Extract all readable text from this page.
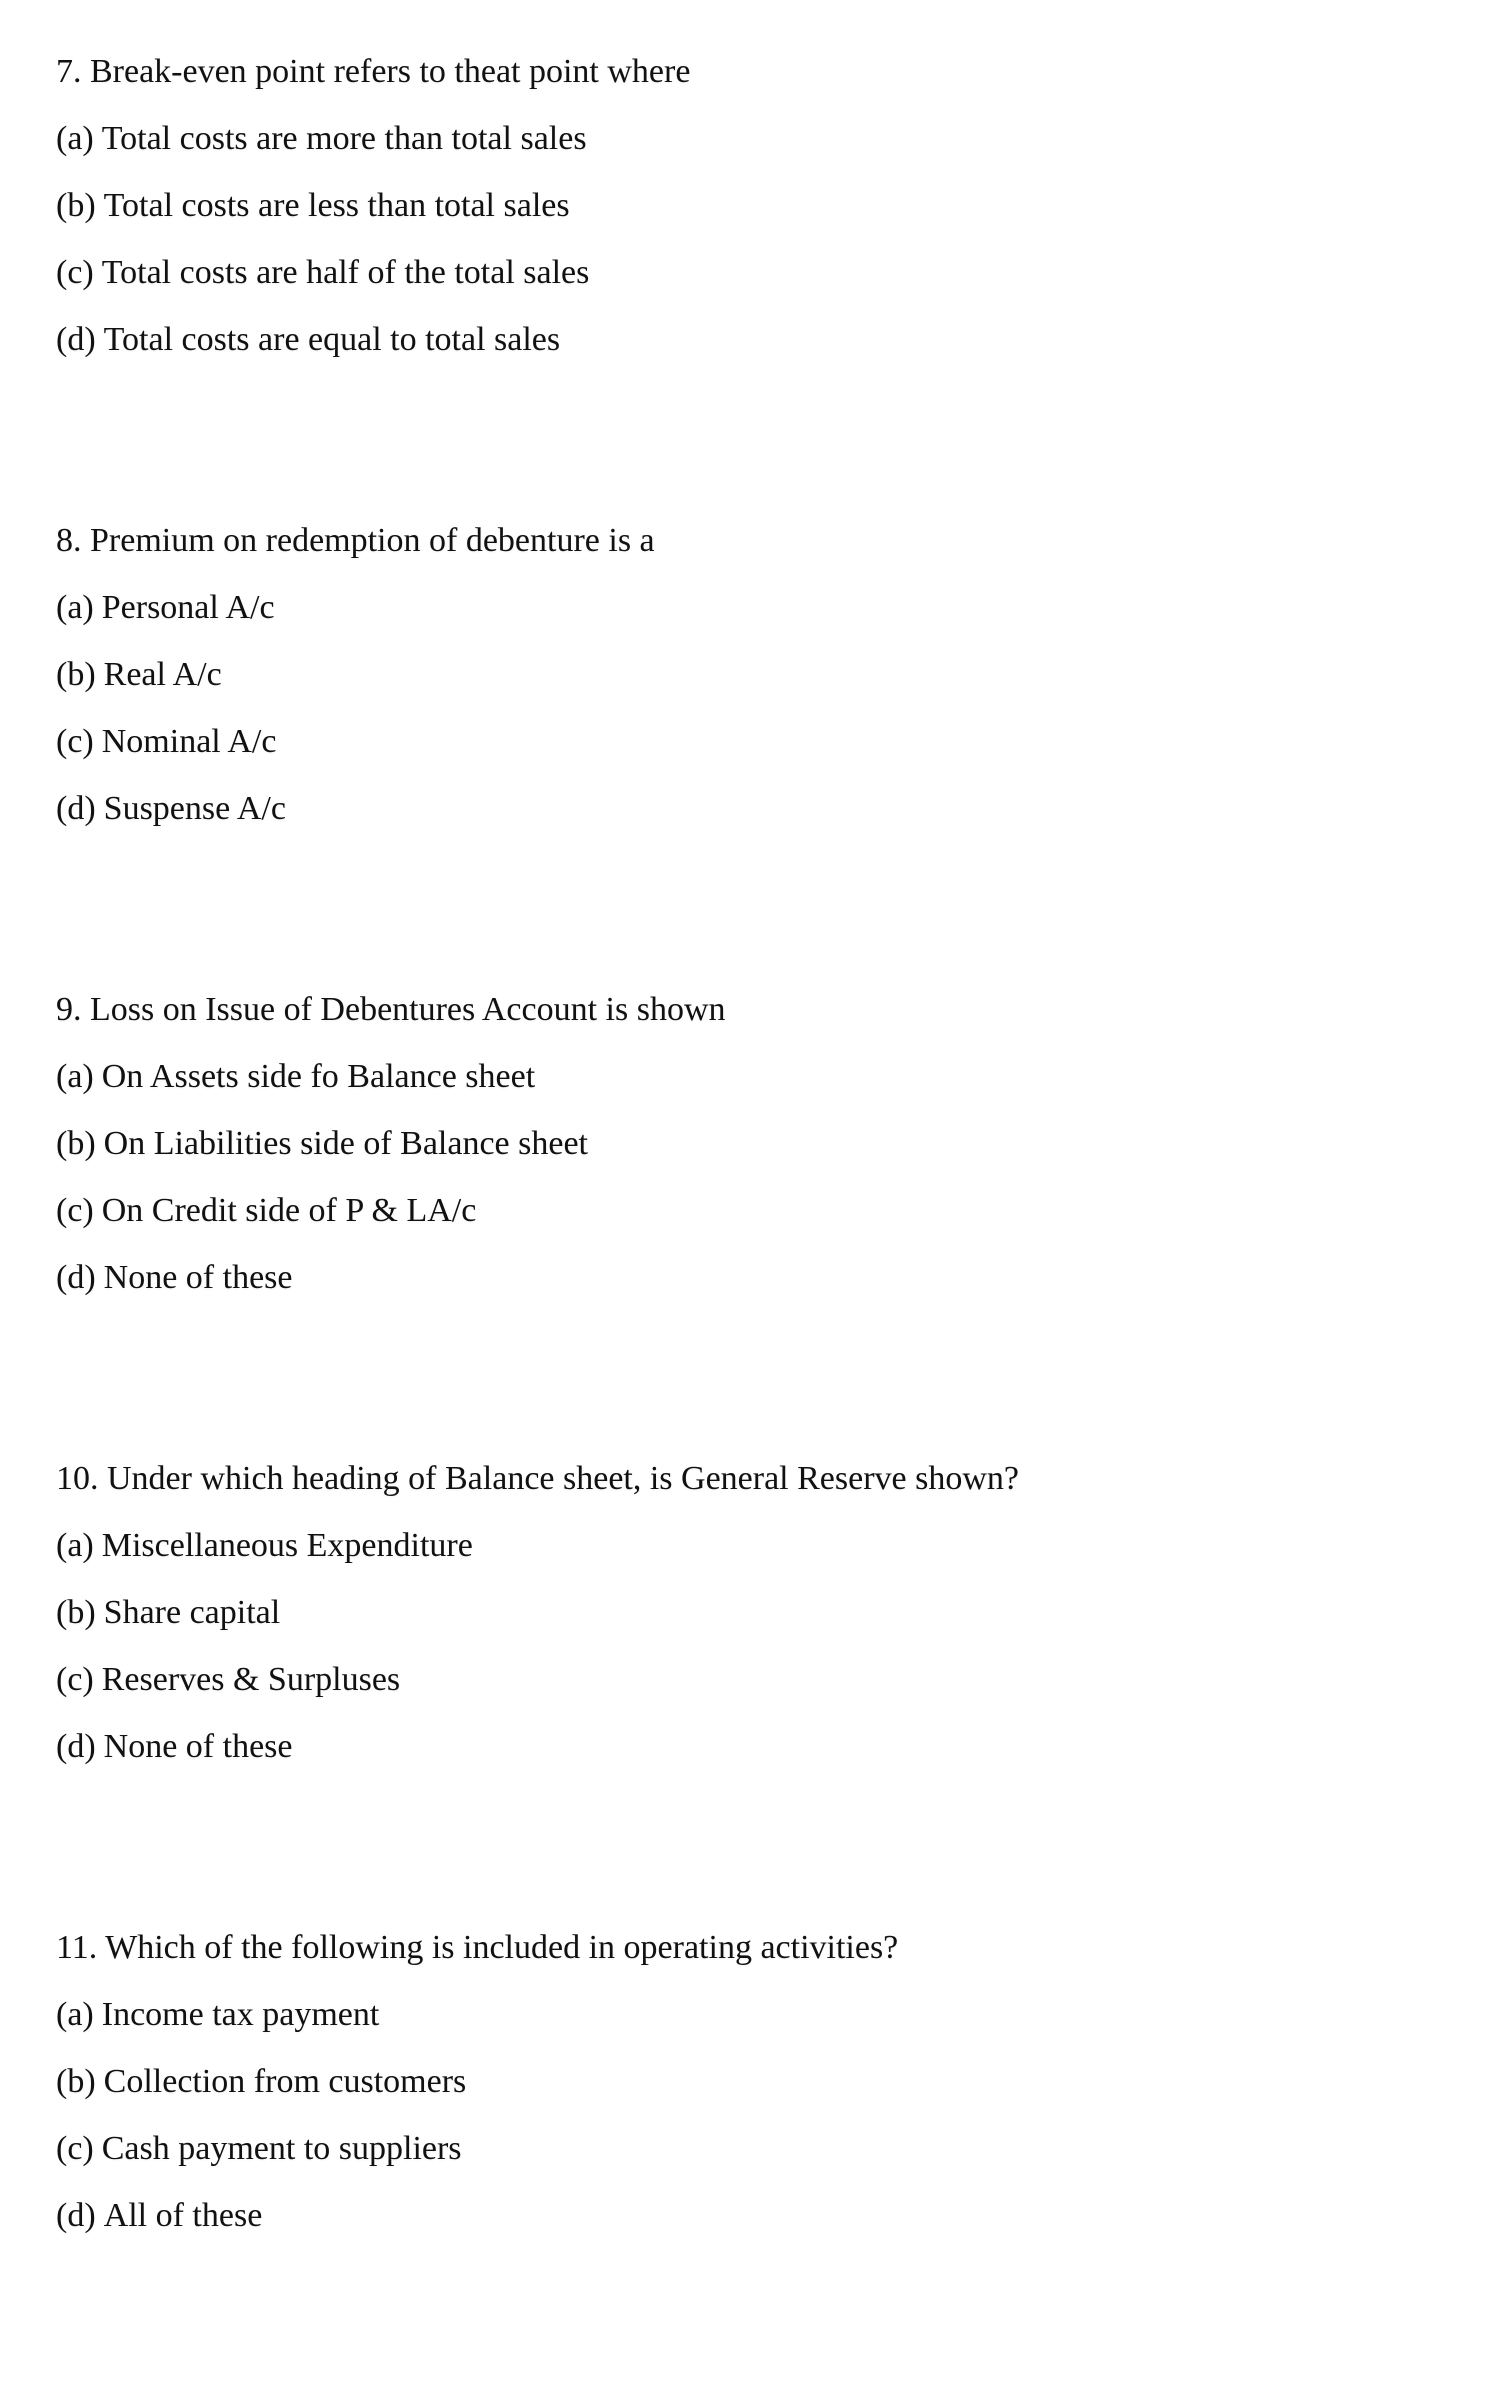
7. Break-even point refers to theat point where
(a) Total costs are more than total sales
(b) Total costs are less than total sales
(c) Total costs are half of the total sales
(d) Total costs are equal to total sales
8. Premium on redemption of debenture is a
(a) Personal A/c
(b) Real A/c
(c) Nominal A/c
(d) Suspense A/c
9. Loss on Issue of Debentures Account is shown
(a) On Assets side fo Balance sheet
(b) On Liabilities side of Balance sheet
(c) On Credit side of P & LA/c
(d) None of these
10. Under which heading of Balance sheet, is General Reserve shown?
(a) Miscellaneous Expenditure
(b) Share capital
(c) Reserves & Surpluses
(d) None of these
11. Which of the following is included in operating activities?
(a) Income tax payment
(b) Collection from customers
(c) Cash payment to suppliers
(d) All of these
